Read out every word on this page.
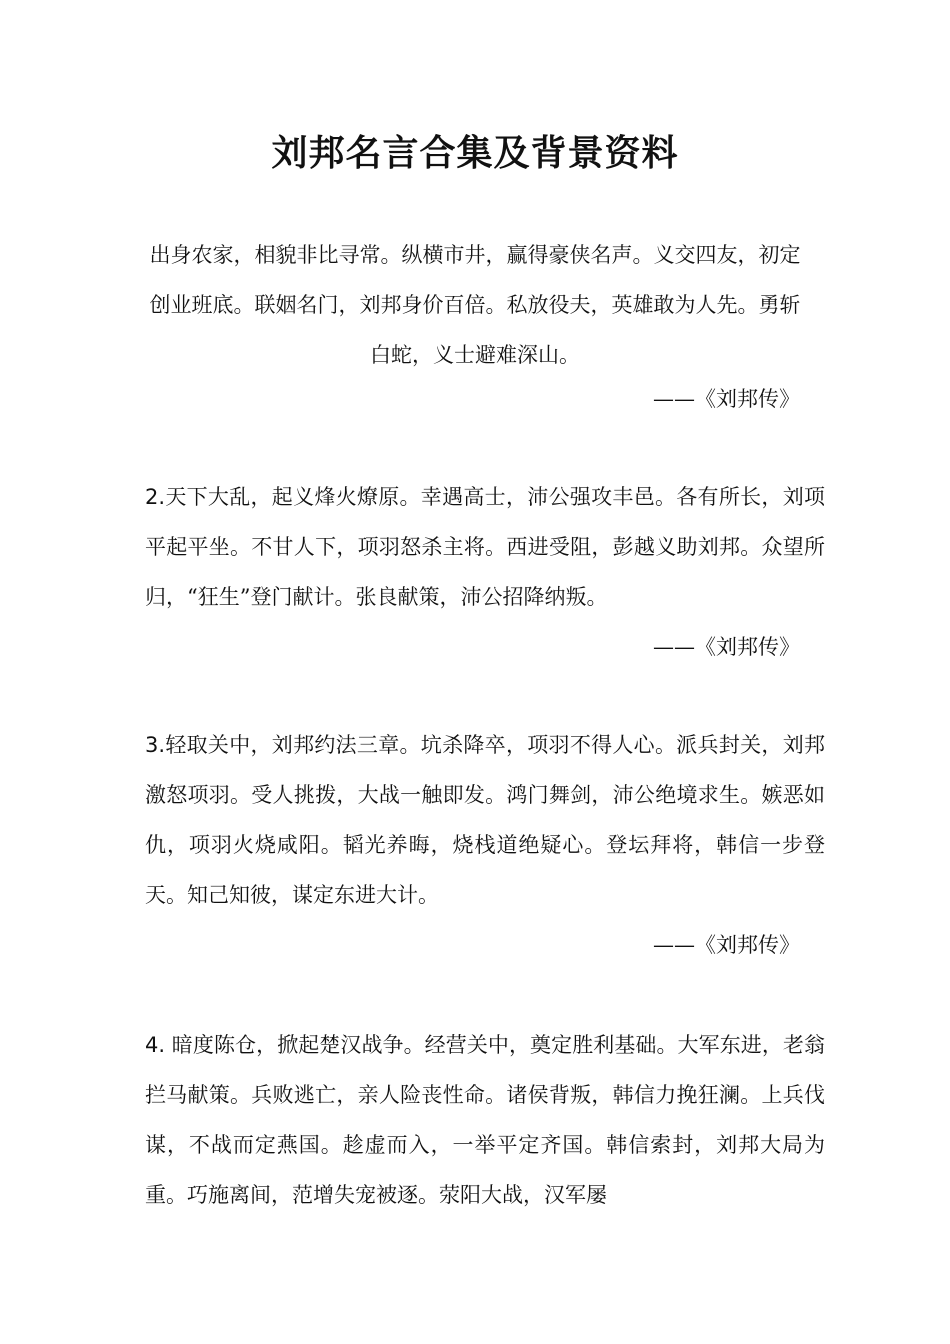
刘邦名言合集及背景资料

出身农家，相貌非比寻常。纵横市井，赢得豪侠名声。义交四友，初定创业班底。联姻名门，刘邦身价百倍。私放役夫，英雄敢为人先。勇斩白蛇，义士避难深山。

——《刘邦传》

2.天下大乱，起义烽火燎原。幸遇高士，沛公强攻丰邑。各有所长，刘项平起平坐。不甘人下，项羽怒杀主将。西进受阻，彭越义助刘邦。众望所归，“狂生”登门献计。张良献策，沛公招降纳叛。

——《刘邦传》

3.轻取关中，刘邦约法三章。坑杀降卒，项羽不得人心。派兵封关，刘邦激怒项羽。受人挑拨，大战一触即发。鸿门舞剑，沛公绝境求生。嫉恶如仇，项羽火烧咸阳。韬光养晦，烧栈道绝疑心。登坛拜将，韩信一步登天。知己知彼，谋定东进大计。

——《刘邦传》

4. 暗度陈仓，掀起楚汉战争。经营关中，奠定胜利基础。大军东进，老翁拦马献策。兵败逃亡，亲人险丧性命。诸侯背叛，韩信力挽狂澜。上兵伐谋，不战而定燕国。趁虚而入，一举平定齐国。韩信索封，刘邦大局为重。巧施离间，范增失宠被逐。荥阳大战，汉军屡
